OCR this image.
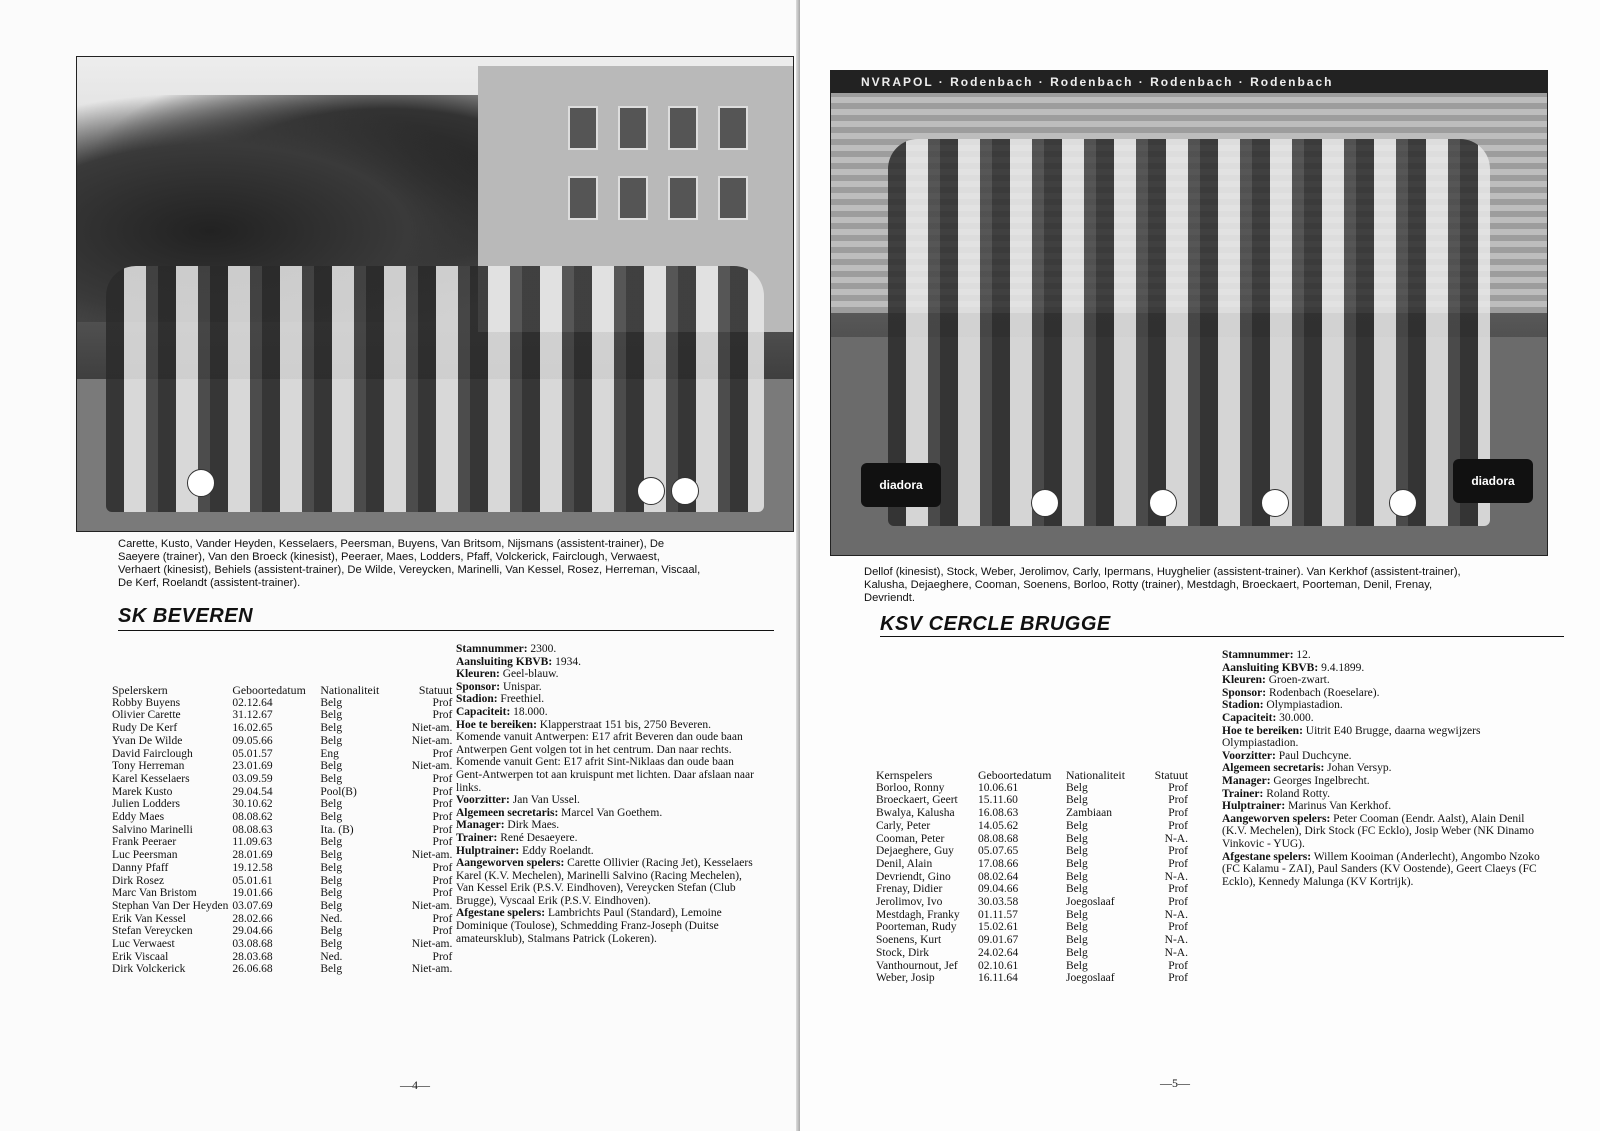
Carette, Kusto, Vander Heyden, Kesselaers, Peersman, Buyens, Van Britsom, Nijsmans (assistent-trainer), De Saeyere (trainer), Van den Broeck (kinesist), Peeraer, Maes, Lodders, Pfaff, Volckerick, Fairclough, Verwaest, Verhaert (kinesist), Behiels (assistent-trainer), De Wilde, Vereycken, Marinelli, Van Kessel, Rosez, Herreman, Viscaal, De Kerf, Roelandt (assistent-trainer).
SK BEVEREN
Spelerskern	Geboortedatum	Nationaliteit	Statuut
Robby Buyens	02.12.64	Belg	Prof
Olivier Carette	31.12.67	Belg	Prof
Rudy De Kerf	16.02.65	Belg	Niet-am.
Yvan De Wilde	09.05.66	Belg	Niet-am.
David Fairclough	05.01.57	Eng	Prof
Tony Herreman	23.01.69	Belg	Niet-am.
Karel Kesselaers	03.09.59	Belg	Prof
Marek Kusto	29.04.54	Pool(B)	Prof
Julien Lodders	30.10.62	Belg	Prof
Eddy Maes	08.08.62	Belg	Prof
Salvino Marinelli	08.08.63	Ita. (B)	Prof
Frank Peeraer	11.09.63	Belg	Prof
Luc Peersman	28.01.69	Belg	Niet-am.
Danny Pfaff	19.12.58	Belg	Prof
Dirk Rosez	05.01.61	Belg	Prof
Marc Van Bristom	19.01.66	Belg	Prof
Stephan Van Der Heyden	03.07.69	Belg	Niet-am.
Erik Van Kessel	28.02.66	Ned.	Prof
Stefan Vereycken	29.04.66	Belg	Prof
Luc Verwaest	03.08.68	Belg	Niet-am.
Erik Viscaal	28.03.68	Ned.	Prof
Dirk Volckerick	26.06.68	Belg	Niet-am.

Stamnummer: 2300.

Aansluiting KBVB: 1934.

Kleuren: Geel-blauw.

Sponsor: Unispar.

Stadion: Freethiel.

Capaciteit: 18.000.

Hoe te bereiken: Klapperstraat 151 bis, 2750 Beveren.

Komende vanuit Antwerpen: E17 afrit Beveren dan oude baan Antwerpen Gent volgen tot in het centrum. Dan naar rechts.

Komende vanuit Gent: E17 afrit Sint-Niklaas dan oude baan Gent-Antwerpen tot aan kruispunt met lichten. Daar afslaan naar links.

Voorzitter: Jan Van Ussel.

Algemeen secretaris: Marcel Van Goethem.

Manager: Dirk Maes.

Trainer: René Desaeyere.

Hulptrainer: Eddy Roelandt.

Aangeworven spelers: Carette Ollivier (Racing Jet), Kesselaers Karel (K.V. Mechelen), Marinelli Salvino (Racing Mechelen), Van Kessel Erik (P.S.V. Eindhoven), Vereycken Stefan (Club Brugge), Vyscaal Erik (P.S.V. Eindhoven).

Afgestane spelers: Lambrichts Paul (Standard), Lemoine Dominique (Toulose), Schmedding Franz-Joseph (Duitse amateursklub), Stalmans Patrick (Lokeren).

—4—
NVRAPOL · Rodenbach · Rodenbach · Rodenbach · Rodenbach
diadora	diadora
Dellof (kinesist), Stock, Weber, Jerolimov, Carly, Ipermans, Huyghelier (assistent-trainer). Van Kerkhof (assistent-trainer), Kalusha, Dejaeghere, Cooman, Soenens, Borloo, Rotty (trainer), Mestdagh, Broeckaert, Poorteman, Denil, Frenay, Devriendt.
KSV CERCLE BRUGGE
Kernspelers	Geboortedatum	Nationaliteit	Statuut
Borloo, Ronny	10.06.61	Belg	Prof
Broeckaert, Geert	15.11.60	Belg	Prof
Bwalya, Kalusha	16.08.63	Zambiaan	Prof
Carly, Peter	14.05.62	Belg	Prof
Cooman, Peter	08.08.68	Belg	N-A.
Dejaeghere, Guy	05.07.65	Belg	Prof
Denil, Alain	17.08.66	Belg	Prof
Devriendt, Gino	08.02.64	Belg	N-A.
Frenay, Didier	09.04.66	Belg	Prof
Jerolimov, Ivo	30.03.58	Joegoslaaf	Prof
Mestdagh, Franky	01.11.57	Belg	N-A.
Poorteman, Rudy	15.02.61	Belg	Prof
Soenens, Kurt	09.01.67	Belg	N-A.
Stock, Dirk	24.02.64	Belg	N-A.
Vanthournout, Jef	02.10.61	Belg	Prof
Weber, Josip	16.11.64	Joegoslaaf	Prof

Stamnummer: 12.

Aansluiting KBVB: 9.4.1899.

Kleuren: Groen-zwart.

Sponsor: Rodenbach (Roeselare).

Stadion: Olympiastadion.

Capaciteit: 30.000.

Hoe te bereiken: Uitrit E40 Brugge, daarna wegwijzers Olympiastadion.

Voorzitter: Paul Duchcyne.

Algemeen secretaris: Johan Versyp.

Manager: Georges Ingelbrecht.

Trainer: Roland Rotty.

Hulptrainer: Marinus Van Kerkhof.

Aangeworven spelers: Peter Cooman (Eendr. Aalst), Alain Denil (K.V. Mechelen), Dirk Stock (FC Ecklo), Josip Weber (NK Dinamo Vinkovic - YUG).

Afgestane spelers: Willem Kooiman (Anderlecht), Angombo Nzoko (FC Kalamu - ZAI), Paul Sanders (KV Oostende), Geert Claeys (FC Ecklo), Kennedy Malunga (KV Kortrijk).

—5—
